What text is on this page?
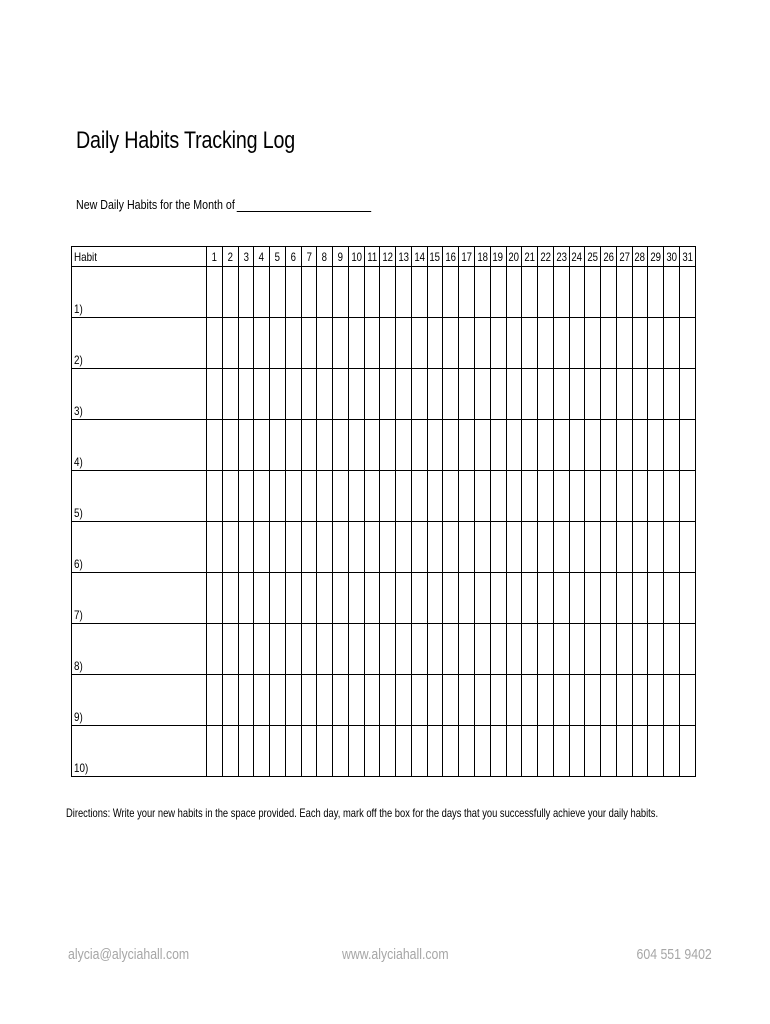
Daily Habits Tracking Log
New Daily Habits for the Month of
Habit	1	2	3	4	5	6	7	8	9	10	11	12	13	14	15	16	17	18	19	20	21	22	23	24	25	26	27	28	29	30	31
1)																															
2)																															
3)																															
4)																															
5)																															
6)																															
7)																															
8)																															
9)																															
10)																															
Directions: Write your new habits in the space provided. Each day, mark off the box for the days that you successfully achieve your daily habits.
alycia@alyciahall.com	www.alyciahall.com	604 551 9402
